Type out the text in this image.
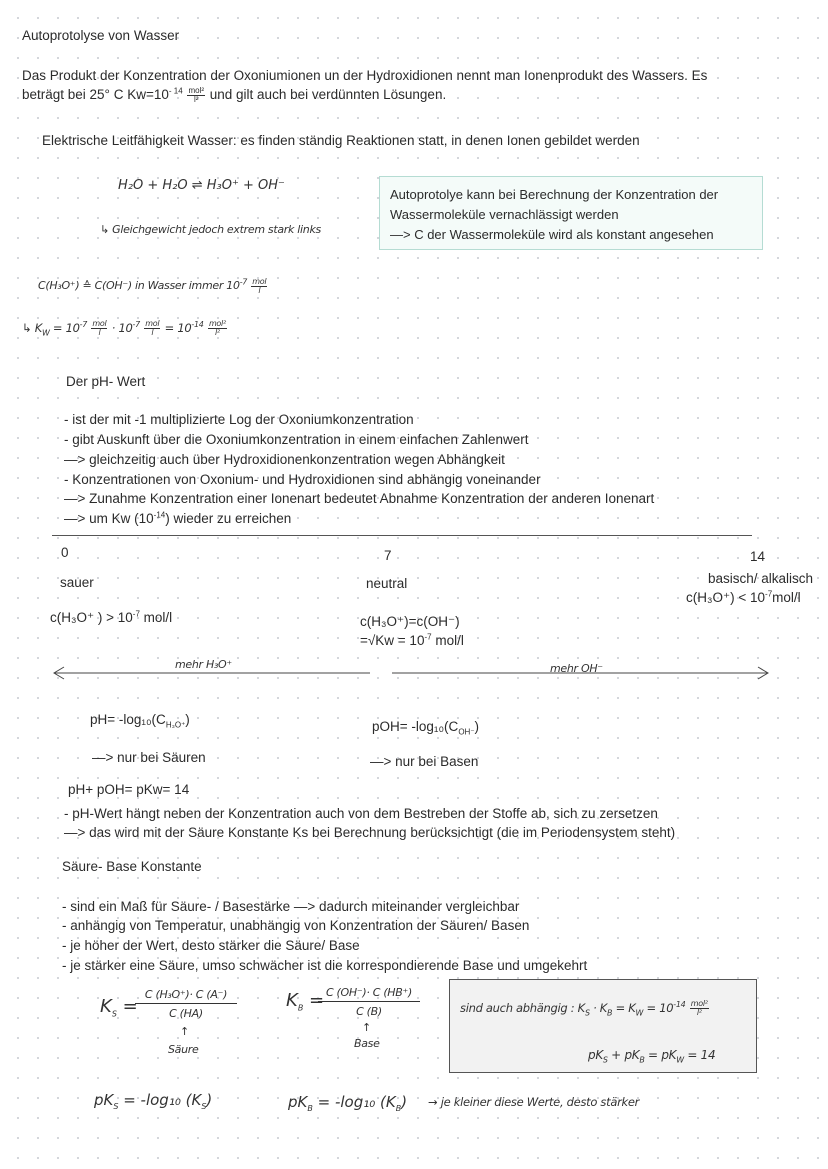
Autoprotolyse von Wasser
Das Produkt der Konzentration der Oxoniumionen un der Hydroxidionen nennt man Ionenprodukt des Wassers. Es
beträgt bei 25° C $Kw=10^{- 14} \frac{\text{mol²}}{\text{l²}}$ und gilt auch bei verdünnten Lösungen.
Elektrische Leitfähigkeit Wasser: es finden ständig Reaktionen statt, in denen Ionen gebildet werden
H₂O + H₂O ⇌ H₃O⁺ + OH⁻
↳ Gleichgewicht jedoch extrem stark links
Autoprotolye kann bei Berechnung der Konzentration der
Wassermoleküle vernachlässigt werden
—> C der Wassermoleküle wird als konstant angesehen
C(H₃O⁺) ≙ C(OH⁻) in Wasser immer $10^{-7} \frac{\text{mol}}{l}$
↳ $K_W = 10^{-7} \frac{\text{mol}}{l} \cdot 10^{-7} \frac{\text{mol}}{l} = 10^{-14} \frac{\text{mol²}}{\text{l²}}$
Der pH- Wert
- ist der mit -1 multiplizierte Log der Oxoniumkonzentration
- gibt Auskunft über die Oxoniumkonzentration in einem einfachen Zahlenwert
—> gleichzeitig auch über Hydroxidionenkonzentration wegen Abhängkeit
- Konzentrationen von Oxonium- und Hydroxidionen sind abhängig voneinander
—> Zunahme Konzentration einer Ionenart bedeutet Abnahme Konzentration der anderen Ionenart
—> um Kw $(10^{-14})$ wieder zu erreichen
0	7	14
sauer	neutral	basisch/ alkalisch
c(H₃O⁺ ) > $10^{-7}$ mol/l	c(H₃O⁺)=c(OH⁻)
$=√Kw = 10^{-7}$ mol/l
$c(H_3O^+) < 10^{-7}mol/l$
mehr H₃O⁺	mehr OH⁻
$pH= -\log_{10}(C_{H_3O^+})$	$pOH= -\log_{10}(C_{OH^-})$
—> nur bei Säuren	—> nur bei Basen
pH+ pOH= pKw= 14
- pH-Wert hängt neben der Konzentration auch von dem Bestreben der Stoffe ab, sich zu zersetzen
—> das wird mit der Säure Konstante Ks bei Berechnung berücksichtigt (die im Periodensystem steht)
Säure- Base Konstante
- sind ein Maß für Säure- / Basestärke —> dadurch miteinander vergleichbar
- anhängig von Temperatur, unabhängig von Konzentration der Säuren/ Basen
- je höher der Wert, desto stärker die Säure/ Base
- je stärker eine Säure, umso schwächer ist die korrespondierende Base und umgekehrt
$K_S$ =
C (H₃O⁺)· C (A⁻)
C (HA)
↑
Säure
$K_B = C$ (OH⁻)· C (HB⁺)
C (B)
↑
Base
sind auch abhängig : $K_S \cdot K_B = K_W = 10^{-14} \frac{\text{mol²}}{\text{l²}}$
$pK_S + pK_B = pK_W = 14$
$pK_S = -\log_{10}$ $(K_S)$	$pK_B = -\log_{10}$ $(K_B)$ → je kleiner diese Werte, desto stärker
